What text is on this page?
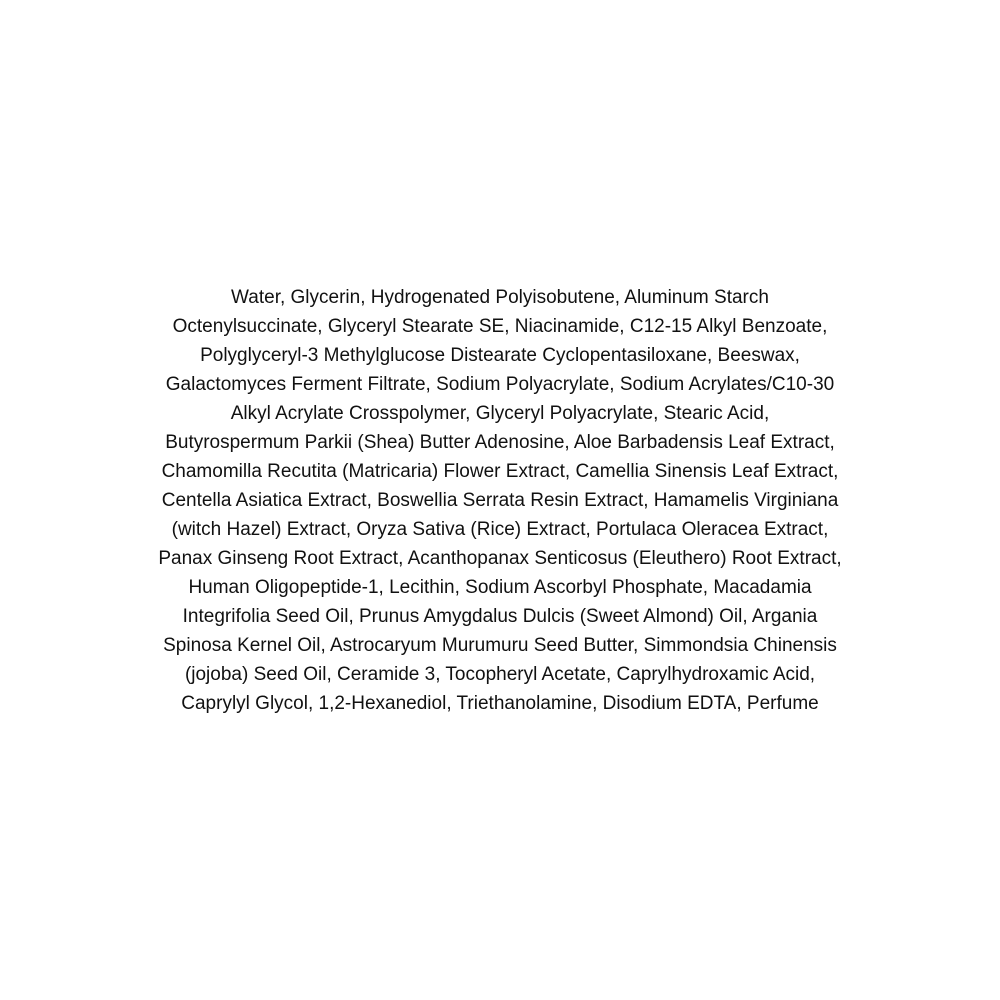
Water, Glycerin, Hydrogenated Polyisobutene, Aluminum Starch
Octenylsuccinate, Glyceryl Stearate SE, Niacinamide, C12-15 Alkyl Benzoate,
Polyglyceryl-3 Methylglucose Distearate Cyclopentasiloxane, Beeswax,
Galactomyces Ferment Filtrate, Sodium Polyacrylate, Sodium Acrylates/C10-30
Alkyl Acrylate Crosspolymer, Glyceryl Polyacrylate, Stearic Acid,
Butyrospermum Parkii (Shea) Butter Adenosine, Aloe Barbadensis Leaf Extract,
Chamomilla Recutita (Matricaria) Flower Extract, Camellia Sinensis Leaf Extract,
Centella Asiatica Extract, Boswellia Serrata Resin Extract, Hamamelis Virginiana
(witch Hazel) Extract, Oryza Sativa (Rice) Extract, Portulaca Oleracea Extract,
Panax Ginseng Root Extract, Acanthopanax Senticosus (Eleuthero) Root Extract,
Human Oligopeptide-1, Lecithin, Sodium Ascorbyl Phosphate, Macadamia
Integrifolia Seed Oil, Prunus Amygdalus Dulcis (Sweet Almond) Oil, Argania
Spinosa Kernel Oil, Astrocaryum Murumuru Seed Butter, Simmondsia Chinensis
(jojoba) Seed Oil, Ceramide 3, Tocopheryl Acetate, Caprylhydroxamic Acid,
Caprylyl Glycol, 1,2-Hexanediol, Triethanolamine, Disodium EDTA, Perfume
